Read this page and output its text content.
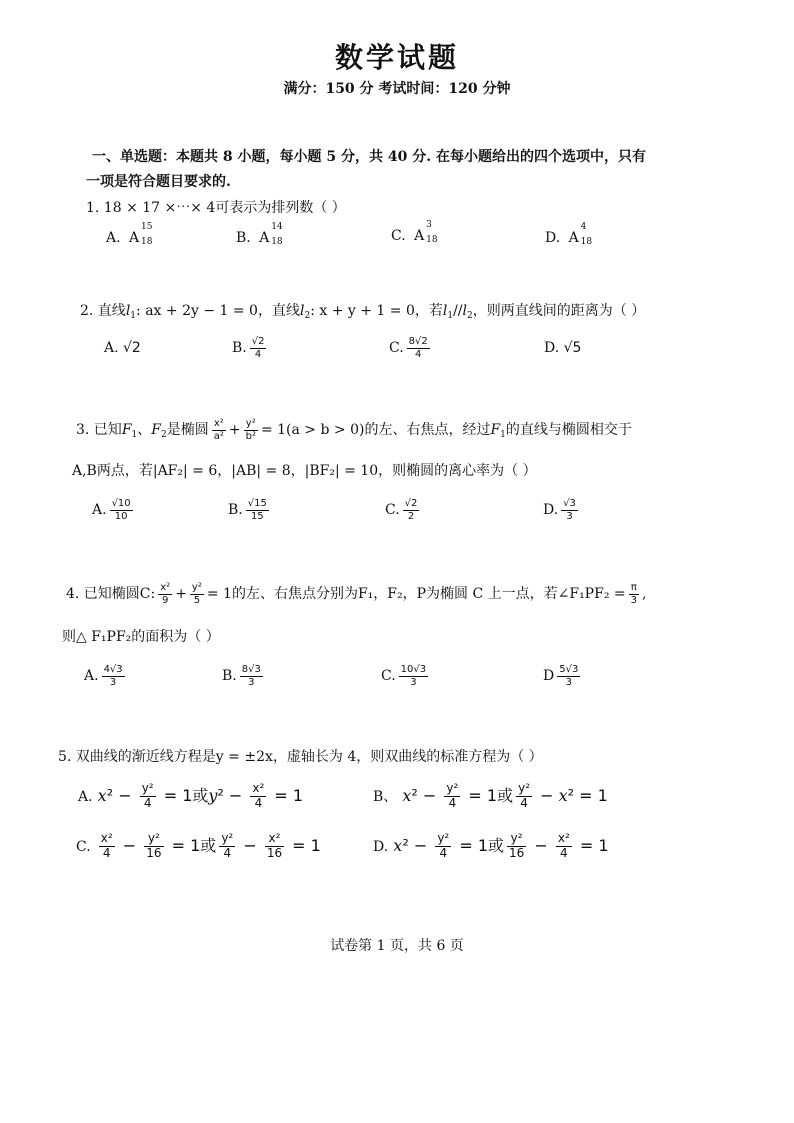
数学试题
满分：150 分 考试时间：120 分钟
一、单选题：本题共 8 小题，每小题 5 分，共 40 分. 在每小题给出的四个选项中，只有
一项是符合题目要求的.
1. 18 × 17 ×⋯× 4可表示为排列数（ ）
A. A
15
18	B. A
14
18	C. A
3
18	D. A
4
18
2. 直线$l_1$: ax + 2y − 1 = 0，直线$l_2$: x + y + 1 = 0，若$l_1//l_2$，则两直线间的距离为（ ）
A. √2	B. $\frac{√2}{4}$	C. $\frac{8√2}{4}$	D. √5
3. 已知$F_1$、$F_2$是椭圆 $\frac{\text{x²}}{\text{a²}} + \frac{\text{y²}}{\text{b²}} = 1(a > b > 0)$的左、右焦点，经过$F_1$的直线与椭圆相交于
A,B两点，若|AF₂| = 6，|AB| = 8，|BF₂| = 10，则椭圆的离心率为（ ）
A. $\frac{√10}{10}$	B. $\frac{√15}{15}$	C. $\frac{√2}{2}$	D. $\frac{√3}{3}$
4. 已知椭圆C: $\frac{\text{x²}}{9} + \frac{\text{y²}}{5} = 1$的左、右焦点分别为F₁，F₂，P为椭圆 C 上一点，若∠F₁PF₂ = $\frac{\pi}{3}$ ,
则△ F₁PF₂的面积为（ ）
A. $\frac{4√3}{3}$	B. $\frac{8√3}{3}$	C. $\frac{10√3}{3}$	D $\frac{5√3}{3}$
5. 双曲线的渐近线方程是y = ±2x，虚轴长为 4，则双曲线的标准方程为（ ）
A. $x^2 - \frac{\text{y²}}{4} = 1$或$y^2 - \frac{\text{x²}}{4} = 1$	B、 $x^2 - \frac{\text{y²}}{4} = 1$或 $\frac{\text{y²}}{4} - x^2 = 1$
C. $\frac{\text{x²}}{4} - \frac{\text{y²}}{16} = 1$或 $\frac{\text{y²}}{4} - \frac{\text{x²}}{16} = 1$	D. $x^2 - \frac{\text{y²}}{4} = 1$或 $\frac{\text{y²}}{16} - \frac{\text{x²}}{4} = 1$
试卷第 1 页，共 6 页
